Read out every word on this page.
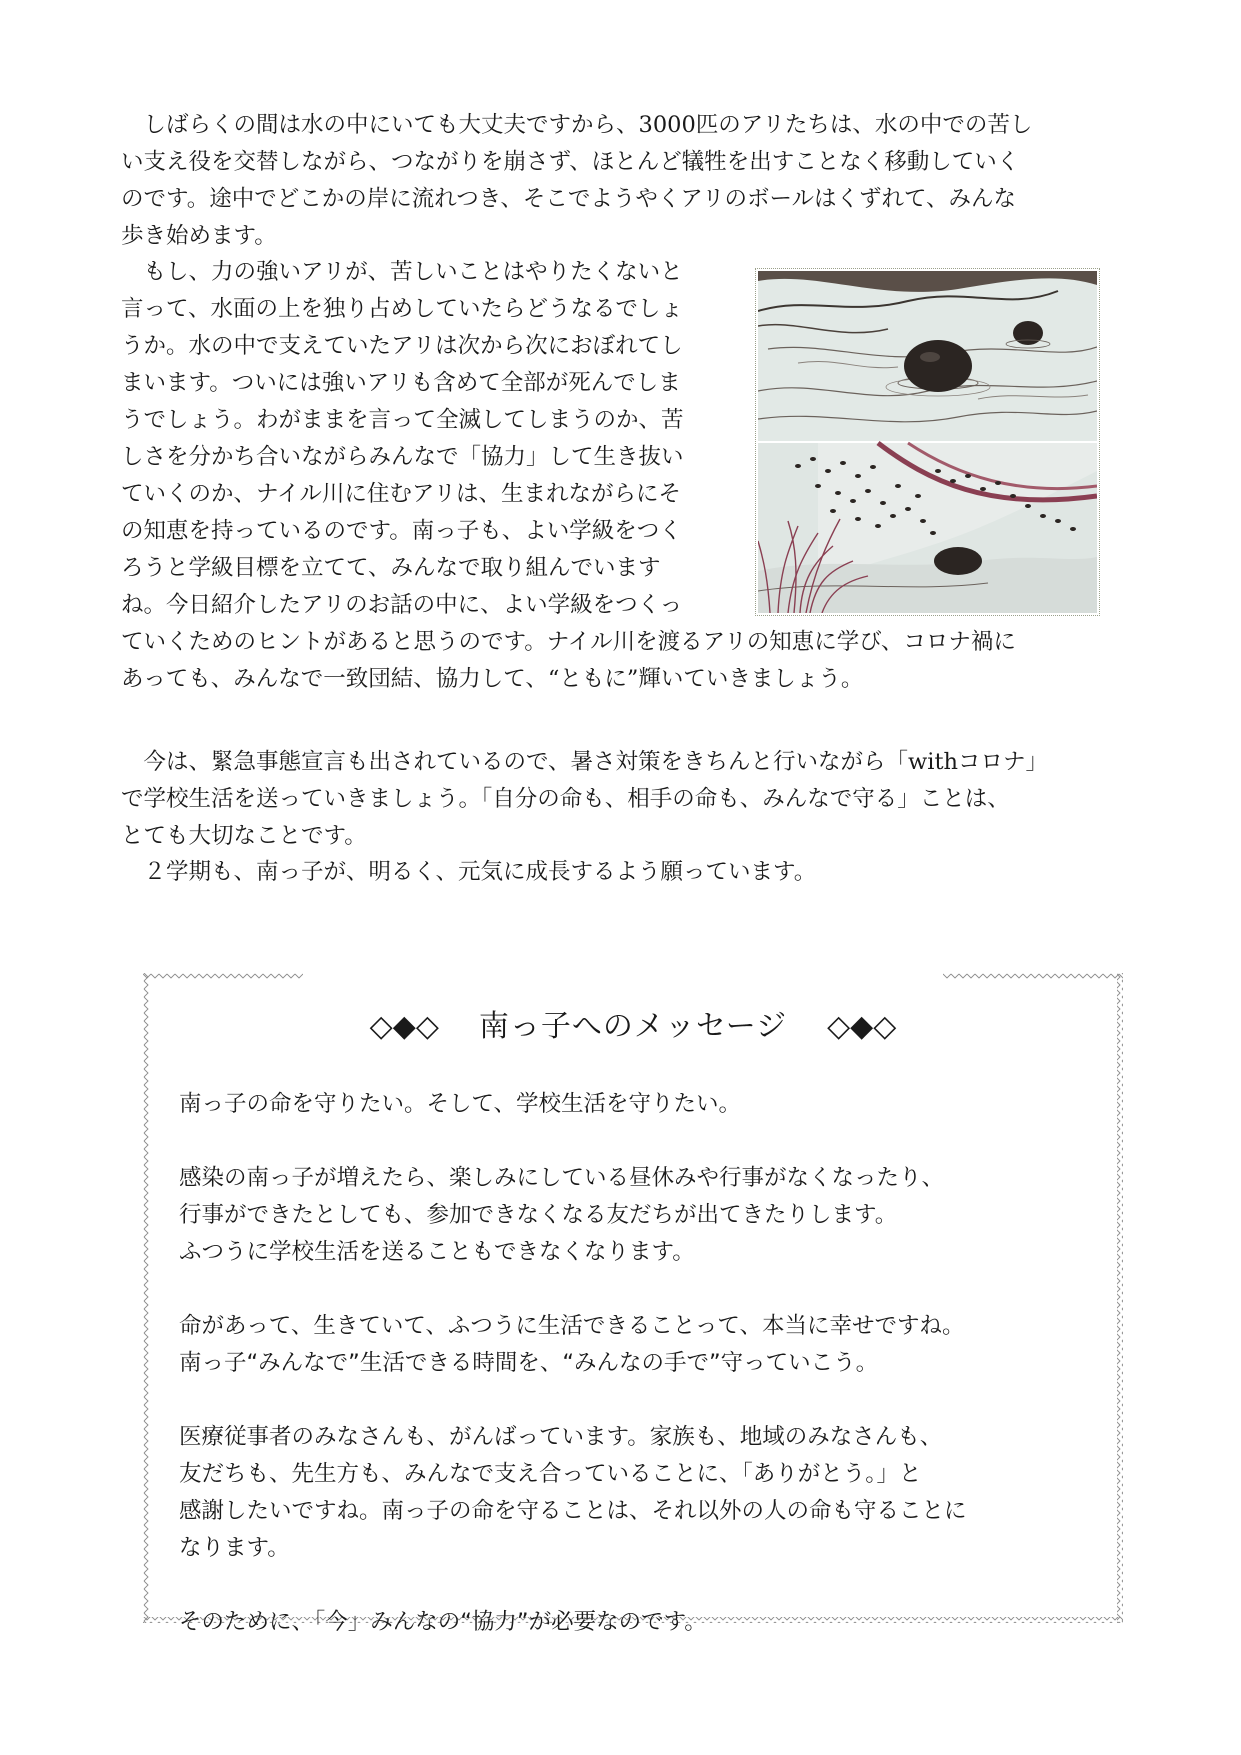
　しばらくの間は水の中にいても大丈夫ですから、3000匹のアリたちは、水の中での苦し
い支え役を交替しながら、つながりを崩さず、ほとんど犠牲を出すことなく移動していく
のです。途中でどこかの岸に流れつき、そこでようやくアリのボールはくずれて、みんな
歩き始めます。

　もし、力の強いアリが、苦しいことはやりたくないと
言って、水面の上を独り占めしていたらどうなるでしょ
うか。水の中で支えていたアリは次から次におぼれてし
まいます。ついには強いアリも含めて全部が死んでしま
うでしょう。わがままを言って全滅してしまうのか、苦
しさを分かち合いながらみんなで「協力」して生き抜い
ていくのか、ナイル川に住むアリは、生まれながらにそ
の知恵を持っているのです。南っ子も、よい学級をつく
ろうと学級目標を立てて、みんなで取り組んでいます
ね。今日紹介したアリのお話の中に、よい学級をつくっ
ていくためのヒントがあると思うのです。ナイル川を渡るアリの知恵に学び、コロナ禍に
あっても、みんなで一致団結、協力して、“ともに”輝いていきましょう。

　今は、緊急事態宣言も出されているので、暑さ対策をきちんと行いながら「withコロナ」
で学校生活を送っていきましょう。「自分の命も、相手の命も、みんなで守る」ことは、
とても大切なことです。

　２学期も、南っ子が、明るく、元気に成長するよう願っています。

◇◆◇ 南っ子へのメッセージ ◇◆◇
南っ子の命を守りたい。そして、学校生活を守りたい。
感染の南っ子が増えたら、楽しみにしている昼休みや行事がなくなったり、
行事ができたとしても、参加できなくなる友だちが出てきたりします。
ふつうに学校生活を送ることもできなくなります。
命があって、生きていて、ふつうに生活できることって、本当に幸せですね。
南っ子“みんなで”生活できる時間を、“みんなの手で”守っていこう。
医療従事者のみなさんも、がんばっています。家族も、地域のみなさんも、
友だちも、先生方も、みんなで支え合っていることに、「ありがとう。」と
感謝したいですね。南っ子の命を守ることは、それ以外の人の命も守ることに
なります。
そのために、「今」みんなの“協力”が必要なのです。
